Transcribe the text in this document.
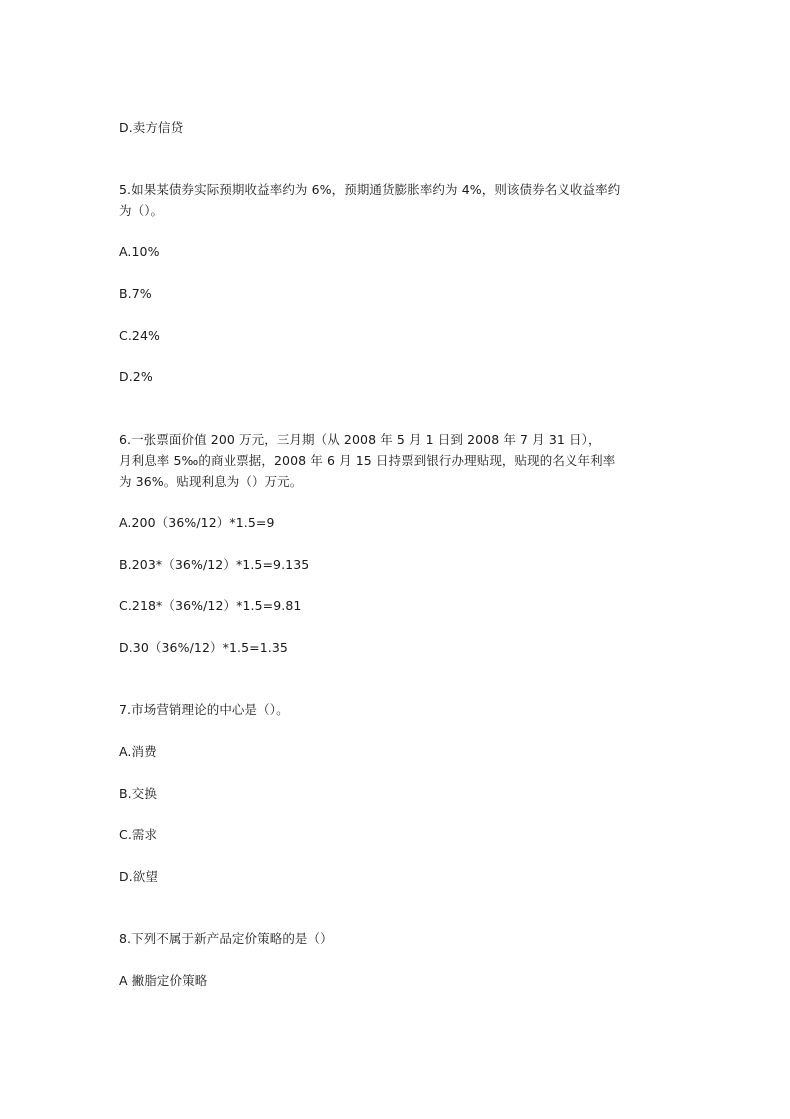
D.卖方信贷
5.如果某债券实际预期收益率约为 6%，预期通货膨胀率约为 4%，则该债券名义收益率约
为（）。
A.10%
B.7%
C.24%
D.2%
6.一张票面价值 200 万元，三月期（从 2008 年 5 月 1 日到 2008 年 7 月 31 日），
月利息率 5‰的商业票据，2008 年 6 月 15 日持票到银行办理贴现，贴现的名义年利率
为 36%。贴现利息为（）万元。
A.200（36%/12）*1.5=9
B.203*（36%/12）*1.5=9.135
C.218*（36%/12）*1.5=9.81
D.30（36%/12）*1.5=1.35
7.市场营销理论的中心是（）。
A.消费
B.交换
C.需求
D.欲望
8.下列不属于新产品定价策略的是（）
A 撇脂定价策略
